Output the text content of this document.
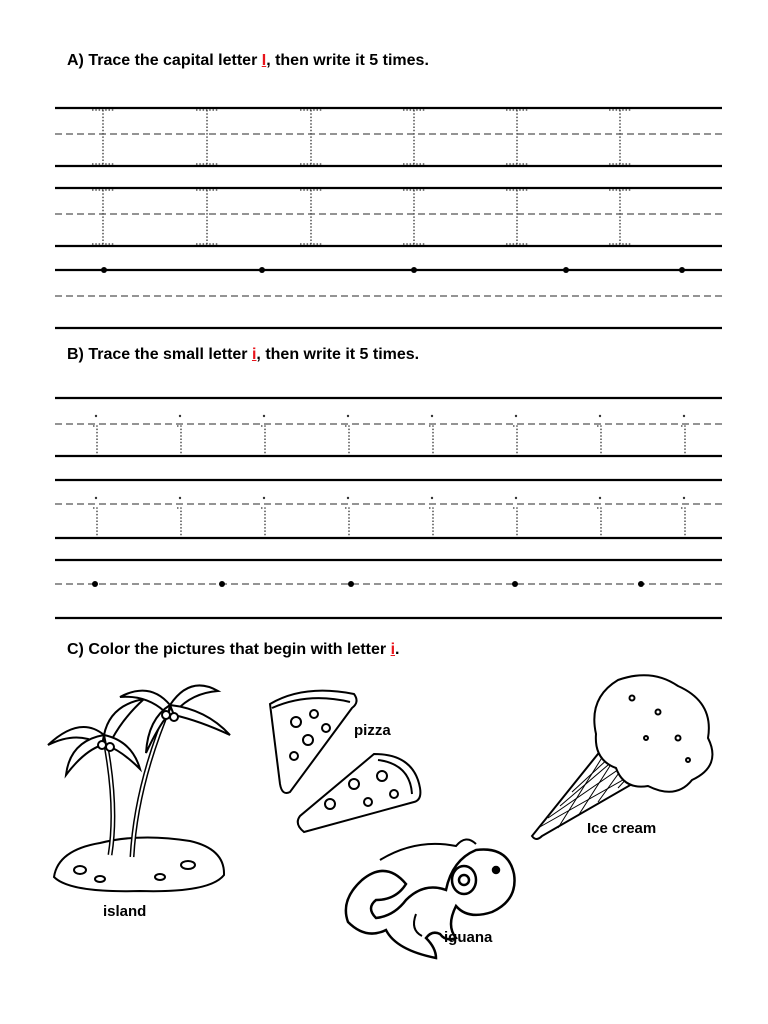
A) Trace the capital letter I, then write it 5 times.
B) Trace the small letter i, then write it 5 times.
C) Color the pictures that begin with letter i.
island
pizza
Ice cream
iguana
